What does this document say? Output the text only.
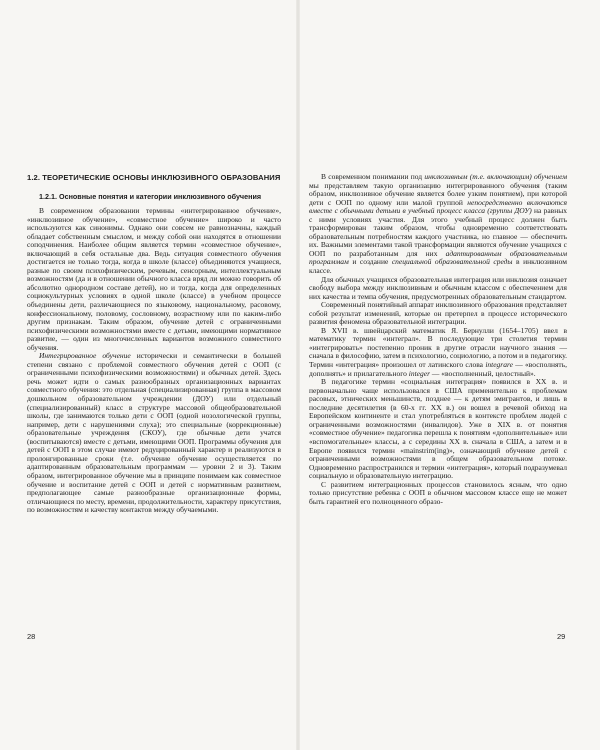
1.2. ТЕОРЕТИЧЕСКИЕ ОСНОВЫ ИНКЛЮЗИВНОГО ОБРАЗОВАНИЯ
1.2.1. Основные понятия и категории инклюзивного обучения

В современном образовании термины «интегрированное обучение», «инклюзивное обучение», «совместное обучение» широко и часто используются как синонимы. Однако они совсем не равнозначны, каждый обладает собственным смыслом, и между собой они находятся в отношении соподчинения. Наиболее общим является термин «совместное обучение», включающий в себя остальные два. Ведь ситуация совместного обучения достигается не только тогда, когда в школе (классе) объединяются учащиеся, разные по своим психофизическим, речевым, сенсорным, интеллектуальным возможностям (да и в отношении обычного класса вряд ли можно говорить об абсолютно однородном составе детей), но и тогда, когда для определенных социокультурных условиях в одной школе (классе) в учебном процессе объединены дети, различающиеся по языковому, национальному, расовому, конфессиональному, половому, сословному, возрастному или по каким-либо другим признакам. Таким образом, обучение детей с ограниченными психофизическими возможностями вместе с детьми, имеющими нормативное развитие, — один из многочисленных вариантов возможного совместного обучения.

Интегрированное обучение исторически и семантически в большей степени связано с проблемой совместного обучения детей с ООП (с ограниченными психофизическими возможностями) и обычных детей. Здесь речь может идти о самых разнообразных организационных вариантах совместного обучения: это отдельная (специализированная) группа в массовом дошкольном образовательном учреждении (ДОУ) или отдельный (специализированный) класс в структуре массовой общеобразовательной школы, где занимаются только дети с ООП (одной нозологической группы, например, дети с нарушениями слуха); это специальные (коррекционные) образовательные учреждения (СКОУ), где обычные дети учатся (воспитываются) вместе с детьми, имеющими ООП. Программы обучения для детей с ООП в этом случае имеют редуцированный характер и реализуются в пролонгированные сроки (т.е. обучение обучение осуществляется по адаптированным образовательным программам — уровни 2 и 3). Таким образом, интегрированное обучение мы в принципе понимаем как совместное обучение и воспитание детей с ООП и детей с нормативным развитием, предполагающее самые разнообразные организационные формы, отличающиеся по месту, времени, продолжительности, характеру присутствия, по возможностям и качеству контактов между обучаемыми.

28

В современном понимании под инклюзивным (т.е. включающим) обучением мы представляем такую организацию интегрированного обучения (таким образом, инклюзивное обучение является более узким понятием), при которой дети с ООП по одному или малой группой непосредственно включаются вместе с обычными детьми в учебный процесс класса (группы ДОУ) на равных с ними условиях участия. Для этого учебный процесс должен быть трансформирован таким образом, чтобы одновременно соответствовать образовательным потребностям каждого участника, но главное — обеспечить их. Важными элементами такой трансформации являются обучение учащихся с ООП по разработанным для них адаптированным образовательным программам и создание специальной образовательной среды в инклюзивном классе.

Для обычных учащихся образовательная интеграция или инклюзия означает свободу выбора между инклюзивным и обычным классом с обеспечением для них качества и темпа обучения, предусмотренных образовательным стандартом.

Современный понятийный аппарат инклюзивного образования представляет собой результат изменений, которые он претерпел в процессе исторического развития феномена образовательной интеграции.

В XVII в. швейцарский математик Я. Бернулли (1654–1705) ввел в математику термин «интеграл». В последующие три столетия термин «интегрировать» постепенно проник в другие отрасли научного знания — сначала в философию, затем в психологию, социологию, а потом и в педагогику. Термин «интеграция» произошел от латинского слова integrare — «восполнять, дополнять» и прилагательного integer — «восполненный, целостный».

В педагогике термин «социальная интеграция» появился в XX в. и первоначально чаще использовался в США применительно к проблемам расовых, этнических меньшинств, позднее — к детям эмигрантов, и лишь в последние десятилетия (в 60-х гг. XX в.) он вошел в речевой обиход на Европейском континенте и стал употребляться в контексте проблем людей с ограниченными возможностями (инвалидов). Уже в XIX в. от понятия «совместное обучение» педагогика перешла к понятиям «дополнительные» или «вспомогательные» классы, а с середины XX в. сначала в США, а затем и в Европе появился термин «mainstrim(ing)», означающий обучение детей с ограниченными возможностями в общем образовательном потоке. Одновременно распространился и термин «интеграция», который подразумевал социальную и образовательную интеграцию.

С развитием интеграционных процессов становилось ясным, что одно только присутствие ребенка с ООП в обычном массовом классе еще не может быть гарантией его полноценного образо-

29
